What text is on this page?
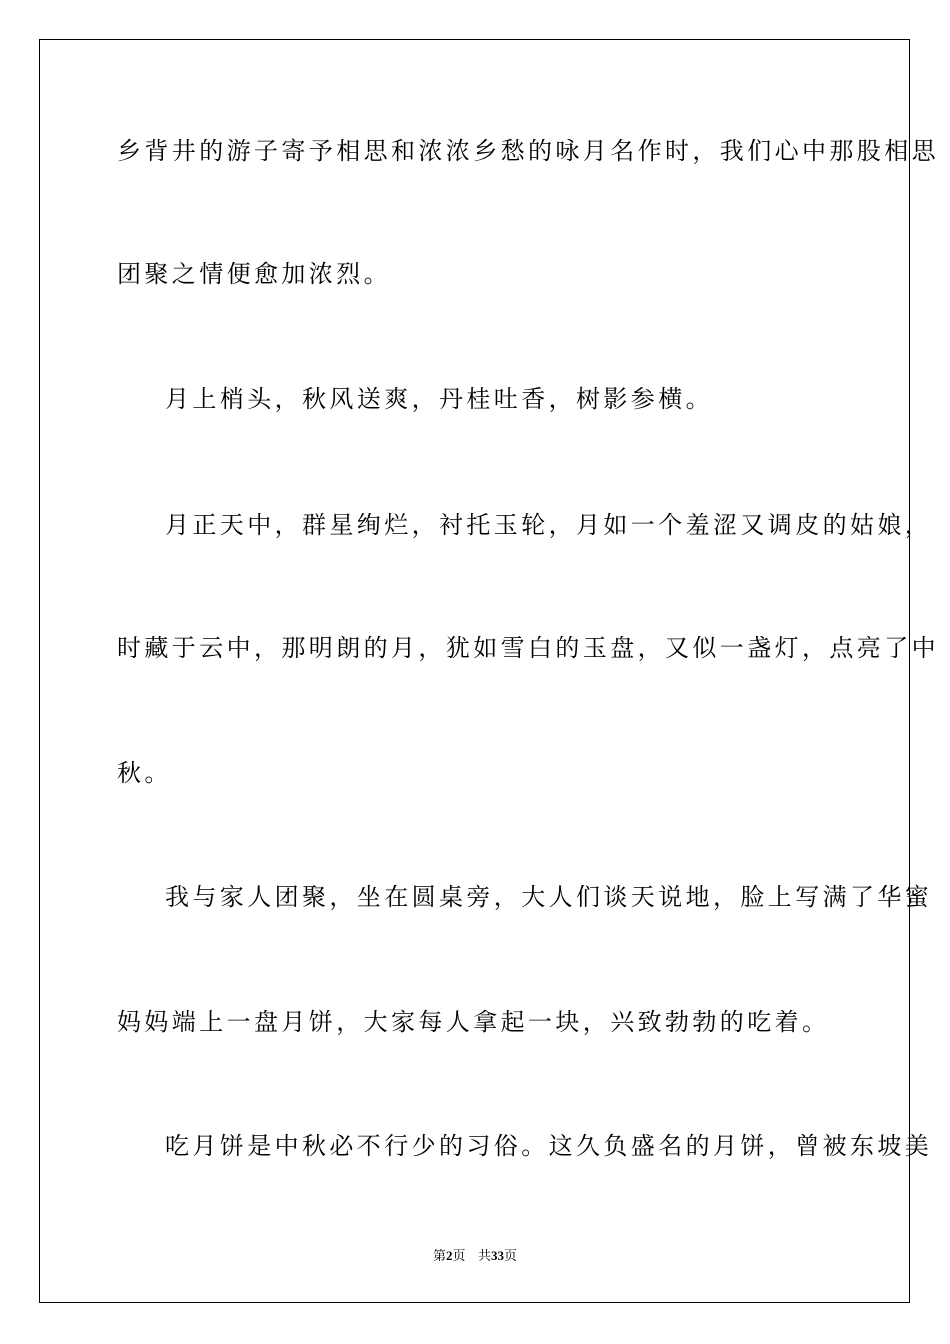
乡背井的游子寄予相思和浓浓乡愁的咏月名作时，我们心中那股相思
团聚之情便愈加浓烈。
月上梢头，秋风送爽，丹桂吐香，树影参横。
月正天中，群星绚烂，衬托玉轮，月如一个羞涩又调皮的姑娘，
时藏于云中，那明朗的月，犹如雪白的玉盘，又似一盏灯，点亮了中
秋。
我与家人团聚，坐在圆桌旁，大人们谈天说地，脸上写满了华蜜
妈妈端上一盘月饼，大家每人拿起一块，兴致勃勃的吃着。
吃月饼是中秋必不行少的习俗。这久负盛名的月饼，曾被东坡美
第2页 共33页
